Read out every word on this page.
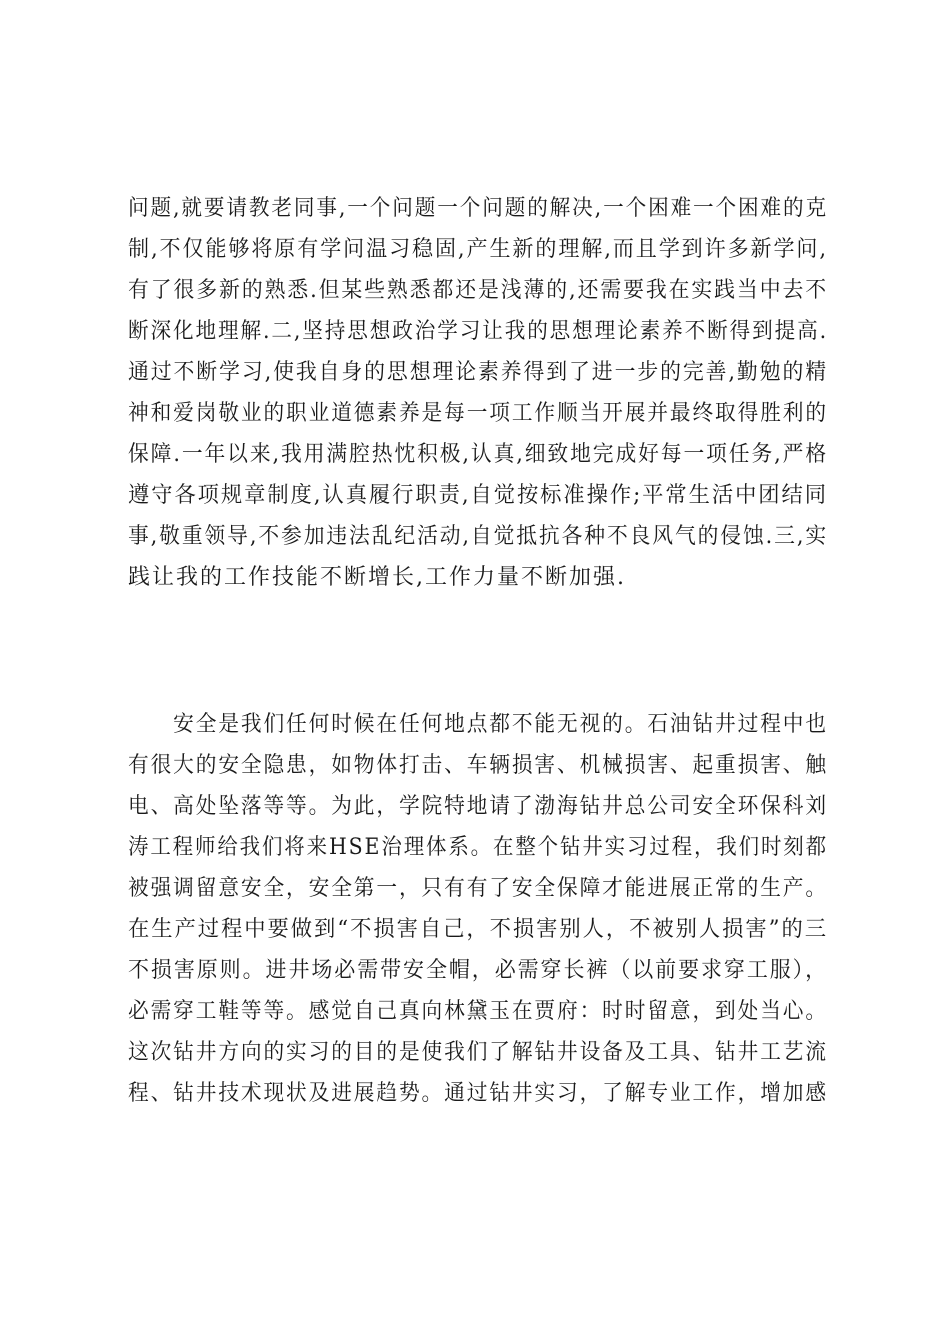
问题,就要请教老同事,一个问题一个问题的解决,一个困难一个困难的克
制,不仅能够将原有学问温习稳固,产生新的理解,而且学到许多新学问,
有了很多新的熟悉.但某些熟悉都还是浅薄的,还需要我在实践当中去不
断深化地理解.二,坚持思想政治学习让我的思想理论素养不断得到提高.
通过不断学习,使我自身的思想理论素养得到了进一步的完善,勤勉的精
神和爱岗敬业的职业道德素养是每一项工作顺当开展并最终取得胜利的
保障.一年以来,我用满腔热忱积极,认真,细致地完成好每一项任务,严格
遵守各项规章制度,认真履行职责,自觉按标准操作;平常生活中团结同
事,敬重领导,不参加违法乱纪活动,自觉抵抗各种不良风气的侵蚀.三,实
践让我的工作技能不断增长,工作力量不断加强.
　　安全是我们任何时候在任何地点都不能无视的。石油钻井过程中也
有很大的安全隐患，如物体打击、车辆损害、机械损害、起重损害、触
电、高处坠落等等。为此，学院特地请了渤海钻井总公司安全环保科刘
涛工程师给我们将来HSE治理体系。在整个钻井实习过程，我们时刻都
被强调留意安全，安全第一，只有有了安全保障才能进展正常的生产。
在生产过程中要做到“不损害自己，不损害别人，不被别人损害”的三
不损害原则。进井场必需带安全帽，必需穿长裤（以前要求穿工服），
必需穿工鞋等等。感觉自己真向林黛玉在贾府：时时留意，到处当心。
这次钻井方向的实习的目的是使我们了解钻井设备及工具、钻井工艺流
程、钻井技术现状及进展趋势。通过钻井实习，了解专业工作，增加感
